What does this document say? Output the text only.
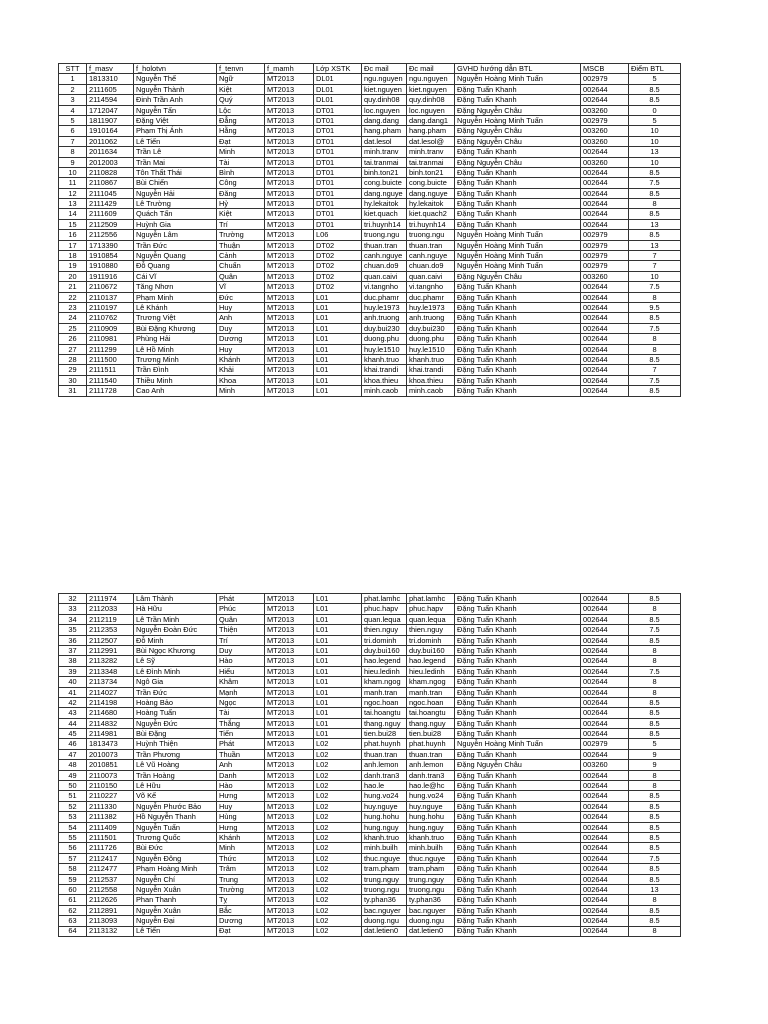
STT	f_masv	f_holotvn	f_tenvn	f_mamh	Lớp XSTK	Đc mail	Đc mail	GVHD hướng dẫn BTL	MSCB	Điểm BTL
1	1813310	Nguyễn Thế	Ngữ	MT2013	DL01	ngu.nguyen	ngu.nguyen	Nguyễn Hoàng Minh Tuấn	002979	5
2	2111605	Nguyễn Thành	Kiệt	MT2013	DL01	kiet.nguyen	kiet.nguyen	Đặng Tuấn Khanh	002644	8.5
3	2114594	Đinh Trần Anh	Quý	MT2013	DL01	quy.dinh08	quy.dinh08	Đặng Tuấn Khanh	002644	8.5
4	1712047	Nguyễn Tấn	Lộc	MT2013	DT01	loc.nguyen	loc.nguyen	Đặng Nguyễn Châu	003260	0
5	1811907	Đặng Việt	Đẳng	MT2013	DT01	dang.dang	dang.dang1	Nguyễn Hoàng Minh Tuấn	002979	5
6	1910164	Phạm Thị Ánh	Hằng	MT2013	DT01	hang.pham	hang.pham	Đặng Nguyễn Châu	003260	10
7	2011062	Lê Tiến	Đạt	MT2013	DT01	dat.lesol	dat.lesol@	Đặng Nguyễn Châu	003260	10
8	2011634	Trần Lê	Minh	MT2013	DT01	minh.tranv	minh.tranv	Đặng Tuấn Khanh	002644	13
9	2012003	Trần Mai	Tài	MT2013	DT01	tai.tranmai	tai.tranmai	Đặng Nguyễn Châu	003260	10
10	2110828	Tôn Thất Thái	Bình	MT2013	DT01	binh.ton21	binh.ton21	Đặng Tuấn Khanh	002644	8.5
11	2110867	Bùi Chiến	Công	MT2013	DT01	cong.buicte	cong.buicte	Đặng Tuấn Khanh	002644	7.5
12	2111045	Nguyễn Hải	Đăng	MT2013	DT01	dang.nguye	dang.nguye	Đặng Tuấn Khanh	002644	8.5
13	2111429	Lê Trường	Hỷ	MT2013	DT01	hy.lekaitok	hy.lekaitok	Đặng Tuấn Khanh	002644	8
14	2111609	Quách Tấn	Kiệt	MT2013	DT01	kiet.quach	kiet.quach2	Đặng Tuấn Khanh	002644	8.5
15	2112509	Huỳnh Gia	Trí	MT2013	DT01	tri.huynh14	tri.huynh14	Đặng Tuấn Khanh	002644	13
16	2112556	Nguyễn Lâm	Trường	MT2013	L06	truong.ngu	truong.ngu	Nguyễn Hoàng Minh Tuấn	002979	8.5
17	1713390	Trần Đức	Thuận	MT2013	DT02	thuan.tran	thuan.tran	Nguyễn Hoàng Minh Tuấn	002979	13
18	1910854	Nguyễn Quang	Cảnh	MT2013	DT02	canh.nguye	canh.nguye	Nguyễn Hoàng Minh Tuấn	002979	7
19	1910880	Đỗ Quang	Chuẩn	MT2013	DT02	chuan.do9	chuan.do9	Nguyễn Hoàng Minh Tuấn	002979	7
20	1911916	Cái Vĩ	Quân	MT2013	DT02	quan.caivi	quan.caivi	Đặng Nguyễn Châu	003260	10
21	2110672	Tăng Nhơn	Vĩ	MT2013	DT02	vi.tangnho	vi.tangnho	Đặng Tuấn Khanh	002644	7.5
22	2110137	Phạm Minh	Đức	MT2013	L01	duc.phamr	duc.phamr	Đặng Tuấn Khanh	002644	8
23	2110197	Lê Khánh	Huy	MT2013	L01	huy.le1973	huy.le1973	Đặng Tuấn Khanh	002644	9.5
24	2110762	Trương Việt	Anh	MT2013	L01	anh.truong	anh.truong	Đặng Tuấn Khanh	002644	8.5
25	2110909	Bùi Đặng Khương	Duy	MT2013	L01	duy.bui230	duy.bui230	Đặng Tuấn Khanh	002644	7.5
26	2110981	Phùng Hải	Dương	MT2013	L01	duong.phu	duong.phu	Đặng Tuấn Khanh	002644	8
27	2111299	Lê Hồ Minh	Huy	MT2013	L01	huy.le1510	huy.le1510	Đặng Tuấn Khanh	002644	8
28	2111500	Trương Minh	Khánh	MT2013	L01	khanh.truo	khanh.truo	Đặng Tuấn Khanh	002644	8.5
29	2111511	Trần Đình	Khải	MT2013	L01	khai.trandi	khai.trandi	Đặng Tuấn Khanh	002644	7
30	2111540	Thiều Minh	Khoa	MT2013	L01	khoa.thieu	khoa.thieu	Đặng Tuấn Khanh	002644	7.5
31	2111728	Cao Anh	Minh	MT2013	L01	minh.caob	minh.caob	Đặng Tuấn Khanh	002644	8.5
32	2111974	Lâm Thành	Phát	MT2013	L01	phat.lamhc	phat.lamhc	Đặng Tuấn Khanh	002644	8.5
33	2112033	Hà Hữu	Phúc	MT2013	L01	phuc.hapv	phuc.hapv	Đặng Tuấn Khanh	002644	8
34	2112119	Lê Trần Minh	Quân	MT2013	L01	quan.lequa	quan.lequa	Đặng Tuấn Khanh	002644	8.5
35	2112353	Nguyễn Đoàn Đức	Thiện	MT2013	L01	thien.nguy	thien.nguy	Đặng Tuấn Khanh	002644	7.5
36	2112507	Đỗ Minh	Trí	MT2013	L01	tri.dominh	tri.dominh	Đặng Tuấn Khanh	002644	8.5
37	2112991	Bùi Ngọc Khương	Duy	MT2013	L01	duy.bui160	duy.bui160	Đặng Tuấn Khanh	002644	8
38	2113282	Lê Sỹ	Hào	MT2013	L01	hao.legend	hao.legend	Đặng Tuấn Khanh	002644	8
39	2113348	Lê Đình Minh	Hiếu	MT2013	L01	hieu.ledinh	hieu.ledinh	Đặng Tuấn Khanh	002644	7.5
40	2113734	Ngô Gia	Khâm	MT2013	L01	kham.ngog	kham.ngog	Đặng Tuấn Khanh	002644	8
41	2114027	Trần Đức	Mạnh	MT2013	L01	manh.tran	manh.tran	Đặng Tuấn Khanh	002644	8
42	2114198	Hoàng Bảo	Ngọc	MT2013	L01	ngoc.hoan	ngoc.hoan	Đặng Tuấn Khanh	002644	8.5
43	2114680	Hoàng Tuấn	Tài	MT2013	L01	tai.hoangtu	tai.hoangtu	Đặng Tuấn Khanh	002644	8.5
44	2114832	Nguyễn Đức	Thắng	MT2013	L01	thang.nguy	thang.nguy	Đặng Tuấn Khanh	002644	8.5
45	2114981	Bùi Đặng	Tiến	MT2013	L01	tien.bui28	tien.bui28	Đặng Tuấn Khanh	002644	8.5
46	1813473	Huỳnh Thiện	Phát	MT2013	L02	phat.huynh	phat.huynh	Nguyễn Hoàng Minh Tuấn	002979	5
47	2010073	Trần Phương	Thuần	MT2013	L02	thuan.tran	thuan.tran	Đặng Tuấn Khanh	002644	9
48	2010851	Lê Vũ Hoàng	Anh	MT2013	L02	anh.lemon	anh.lemon	Đặng Nguyễn Châu	003260	9
49	2110073	Trần Hoàng	Danh	MT2013	L02	danh.tran3	danh.tran3	Đặng Tuấn Khanh	002644	8
50	2110150	Lê Hữu	Hào	MT2013	L02	hao.le	hao.le@hc	Đặng Tuấn Khanh	002644	8
51	2110227	Võ Kế	Hưng	MT2013	L02	hung.vo24	hung.vo24	Đặng Tuấn Khanh	002644	8.5
52	2111330	Nguyễn Phước Bảo	Huy	MT2013	L02	huy.nguye	huy.nguye	Đặng Tuấn Khanh	002644	8.5
53	2111382	Hồ Nguyễn Thanh	Hùng	MT2013	L02	hung.hohu	hung.hohu	Đặng Tuấn Khanh	002644	8.5
54	2111409	Nguyễn Tuấn	Hưng	MT2013	L02	hung.nguy	hung.nguy	Đặng Tuấn Khanh	002644	8.5
55	2111501	Trương Quốc	Khánh	MT2013	L02	khanh.truo	khanh.truo	Đặng Tuấn Khanh	002644	8.5
56	2111726	Bùi Đức	Minh	MT2013	L02	minh.builh	minh.builh	Đặng Tuấn Khanh	002644	8.5
57	2112417	Nguyễn Đông	Thức	MT2013	L02	thuc.nguye	thuc.nguye	Đặng Tuấn Khanh	002644	7.5
58	2112477	Phạm Hoàng Minh	Trâm	MT2013	L02	tram.pham	tram.pham	Đặng Tuấn Khanh	002644	8.5
59	2112537	Nguyễn Chí	Trung	MT2013	L02	trung.nguy	trung.nguy	Đặng Tuấn Khanh	002644	8.5
60	2112558	Nguyễn Xuân	Trường	MT2013	L02	truong.ngu	truong.ngu	Đặng Tuấn Khanh	002644	13
61	2112626	Phan Thanh	Tỵ	MT2013	L02	ty.phan36	ty.phan36	Đặng Tuấn Khanh	002644	8
62	2112891	Nguyễn Xuân	Bắc	MT2013	L02	bac.nguyer	bac.nguyer	Đặng Tuấn Khanh	002644	8.5
63	2113093	Nguyễn Đại	Dương	MT2013	L02	duong.ngu	duong.ngu	Đặng Tuấn Khanh	002644	8.5
64	2113132	Lê Tiến	Đạt	MT2013	L02	dat.letien0	dat.letien0	Đặng Tuấn Khanh	002644	8
